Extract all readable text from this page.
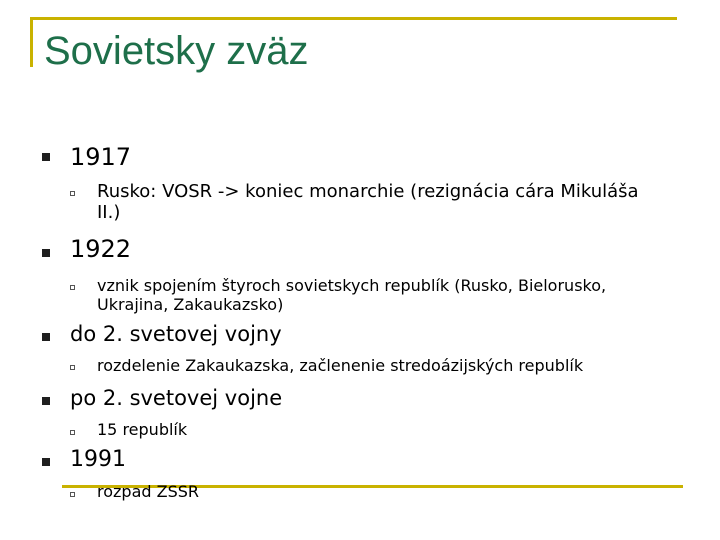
Sovietsky zväz
1917
Rusko: VOSR -> koniec monarchie (rezignácia cára Mikuláša II.)
1922
vznik spojením štyroch sovietskych republík (Rusko, Bielorusko, Ukrajina, Zakaukazsko)
do 2. svetovej vojny
rozdelenie Zakaukazska, začlenenie stredoázijských republík
po 2. svetovej vojne
15 republík
1991
rozpad ZSSR
